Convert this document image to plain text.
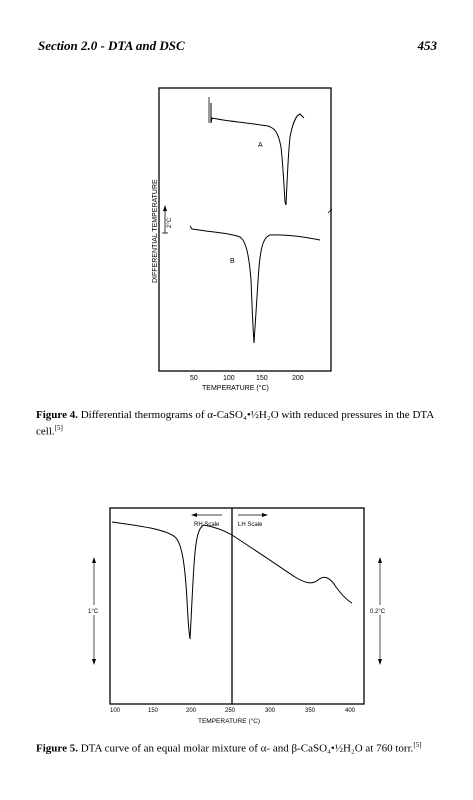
Section 2.0 - DTA and DSC	453
DIFFERENTIAL TEMPERATURE 2°C
A
B
50	100	150	200
TEMPERATURE (°C)
Figure 4. Differential thermograms of α-CaSO₄•½H₂O with reduced pressures in the DTA cell.[5]
RH Scale	LH Scale
1°C	0.2°C
100	150	200	250	300	350	400
TEMPERATURE (°C)
Figure 5. DTA curve of an equal molar mixture of α- and β-CaSO₄•½H₂O at 760 torr.[5]
